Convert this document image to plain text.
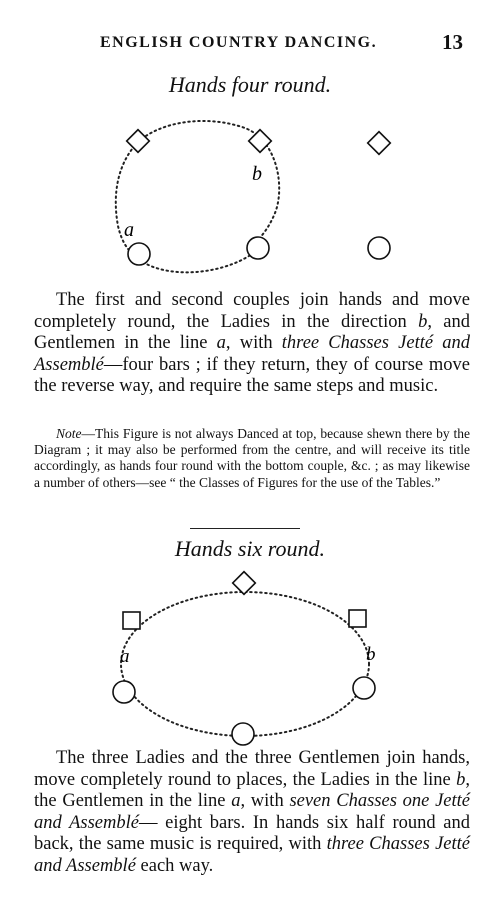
ENGLISH COUNTRY DANCING.	13
Hands four round.
a
b

The first and second couples join hands and move completely round, the Ladies in the direction b, and Gentlemen in the line a, with three Chasses Jetté and Assemblé—four bars ; if they return, they of course move the reverse way, and require the same steps and music.

Note—This Figure is not always Danced at top, because shewn there by the Diagram ; it may also be performed from the centre, and will receive its title accordingly, as hands four round with the bottom couple, &c. ; as may likewise a number of others—see “ the Classes of Figures for the use of the Tables.”

Hands six round.
a	b

The three Ladies and the three Gentlemen join hands, move completely round to places, the Ladies in the line b, the Gentlemen in the line a, with seven Chasses one Jetté and Assemblé— eight bars. In hands six half round and back, the same music is required, with three Chasses Jetté and Assemblé each way.
